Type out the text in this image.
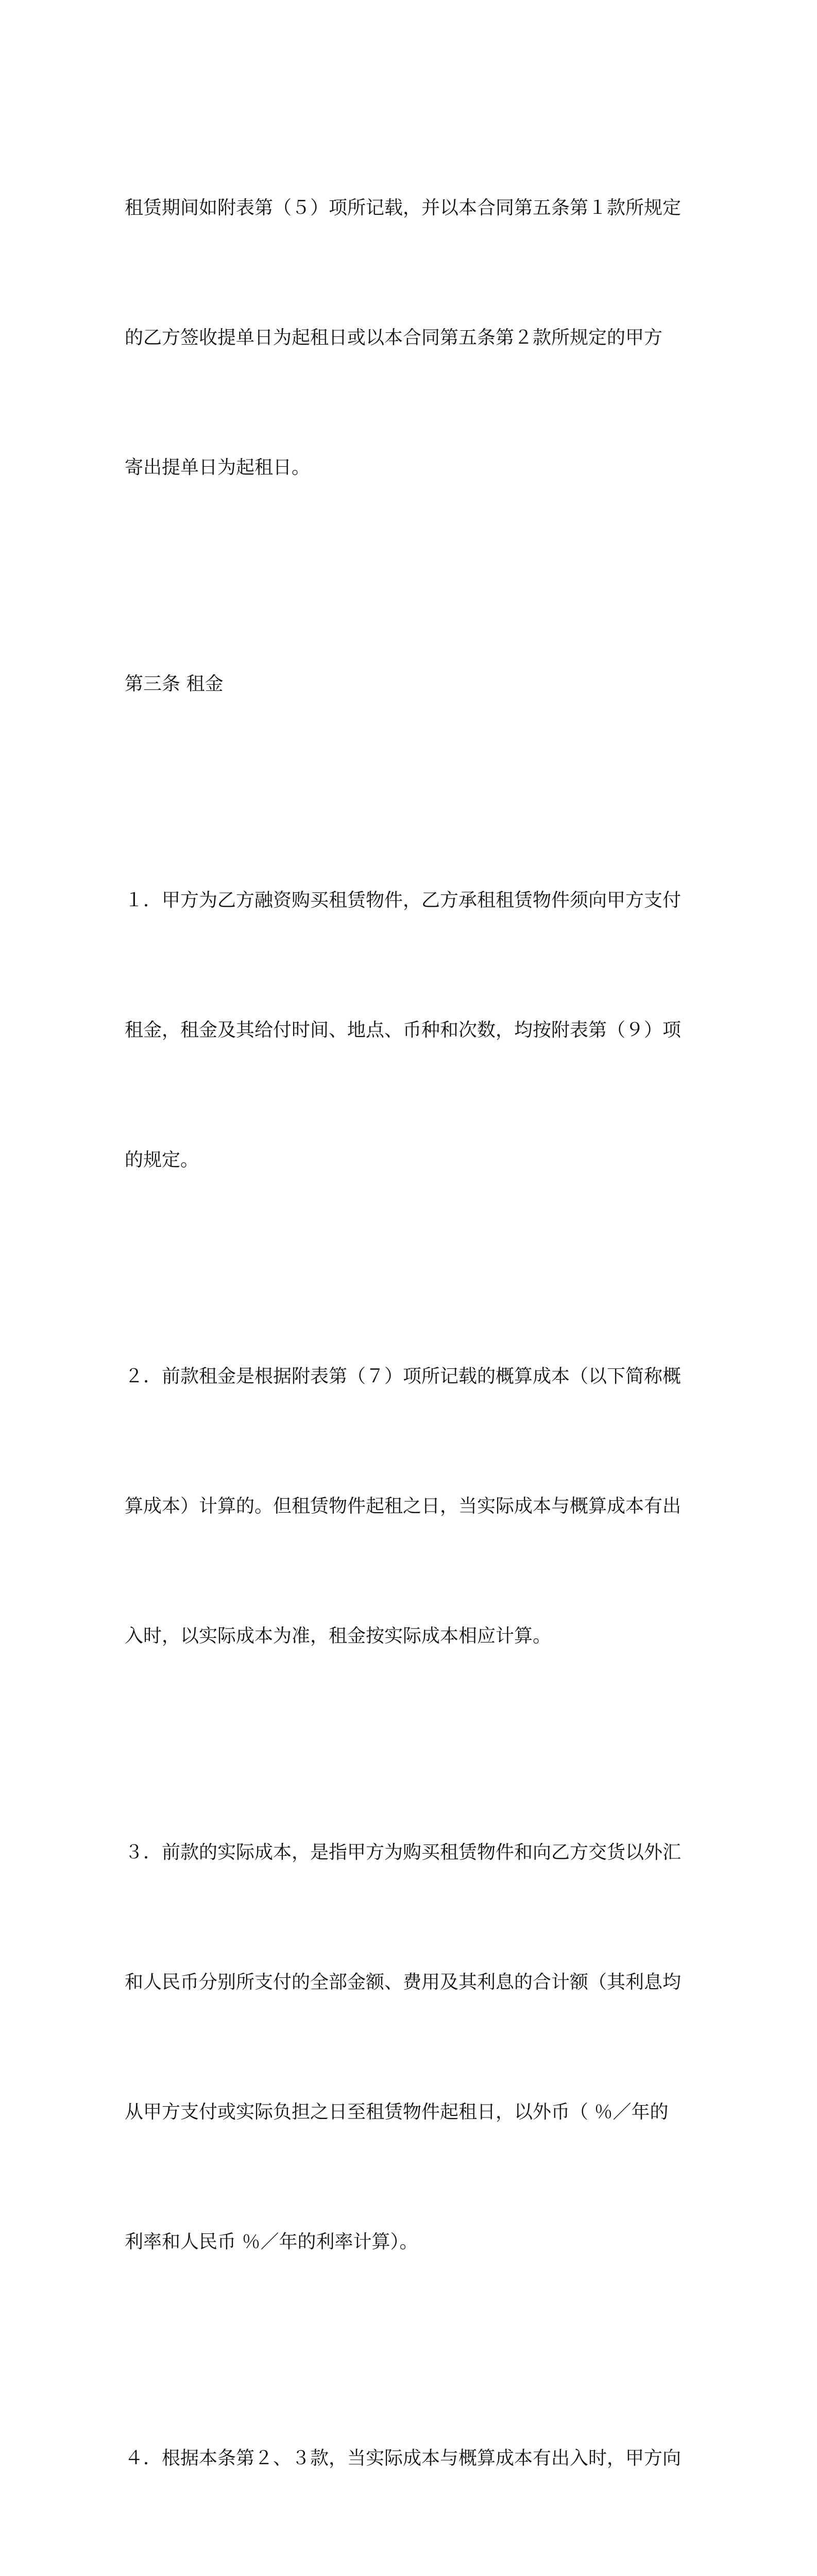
租赁期间如附表第（５）项所记载，并以本合同第五条第１款所规定

的乙方签收提单日为起租日或以本合同第五条第２款所规定的甲方

寄出提单日为起租日。

第三条 租金

１．甲方为乙方融资购买租赁物件，乙方承租租赁物件须向甲方支付

租金，租金及其给付时间、地点、币种和次数，均按附表第（９）项

的规定。

２．前款租金是根据附表第（７）项所记载的概算成本（以下简称概

算成本）计算的。但租赁物件起租之日，当实际成本与概算成本有出

入时，以实际成本为准，租金按实际成本相应计算。

３．前款的实际成本，是指甲方为购买租赁物件和向乙方交货以外汇

和人民币分别所支付的全部金额、费用及其利息的合计额（其利息均

从甲方支付或实际负担之日至租赁物件起租日，以外币（ ％／年的

利率和人民币 ％／年的利率计算）。

４．根据本条第２、３款，当实际成本与概算成本有出入时，甲方向
